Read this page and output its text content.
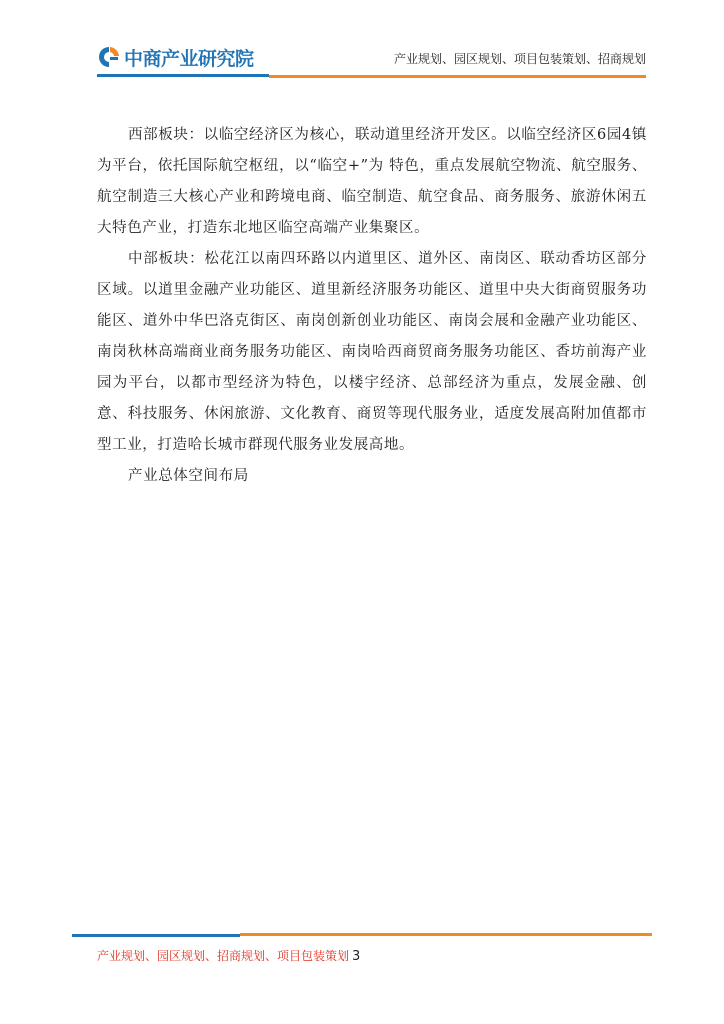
中商产业研究院	产业规划、园区规划、项目包装策划、招商规划

西部板块：以临空经济区为核心，联动道里经济开发区。以临空经济区6园4镇为平台，依托国际航空枢纽，以“临空+”为 特色，重点发展航空物流、航空服务、航空制造三大核心产业和跨境电商、临空制造、航空食品、商务服务、旅游休闲五大特色产业，打造东北地区临空高端产业集聚区。

中部板块：松花江以南四环路以内道里区、道外区、南岗区、联动香坊区部分区域。以道里金融产业功能区、道里新经济服务功能区、道里中央大街商贸服务功能区、道外中华巴洛克街区、南岗创新创业功能区、南岗会展和金融产业功能区、南岗秋林高端商业商务服务功能区、南岗哈西商贸商务服务功能区、香坊前海产业园为平台，以都市型经济为特色，以楼宇经济、总部经济为重点，发展金融、创意、科技服务、休闲旅游、文化教育、商贸等现代服务业，适度发展高附加值都市型工业，打造哈长城市群现代服务业发展高地。

产业总体空间布局

产业规划、园区规划、招商规划、项目包装策划 3
